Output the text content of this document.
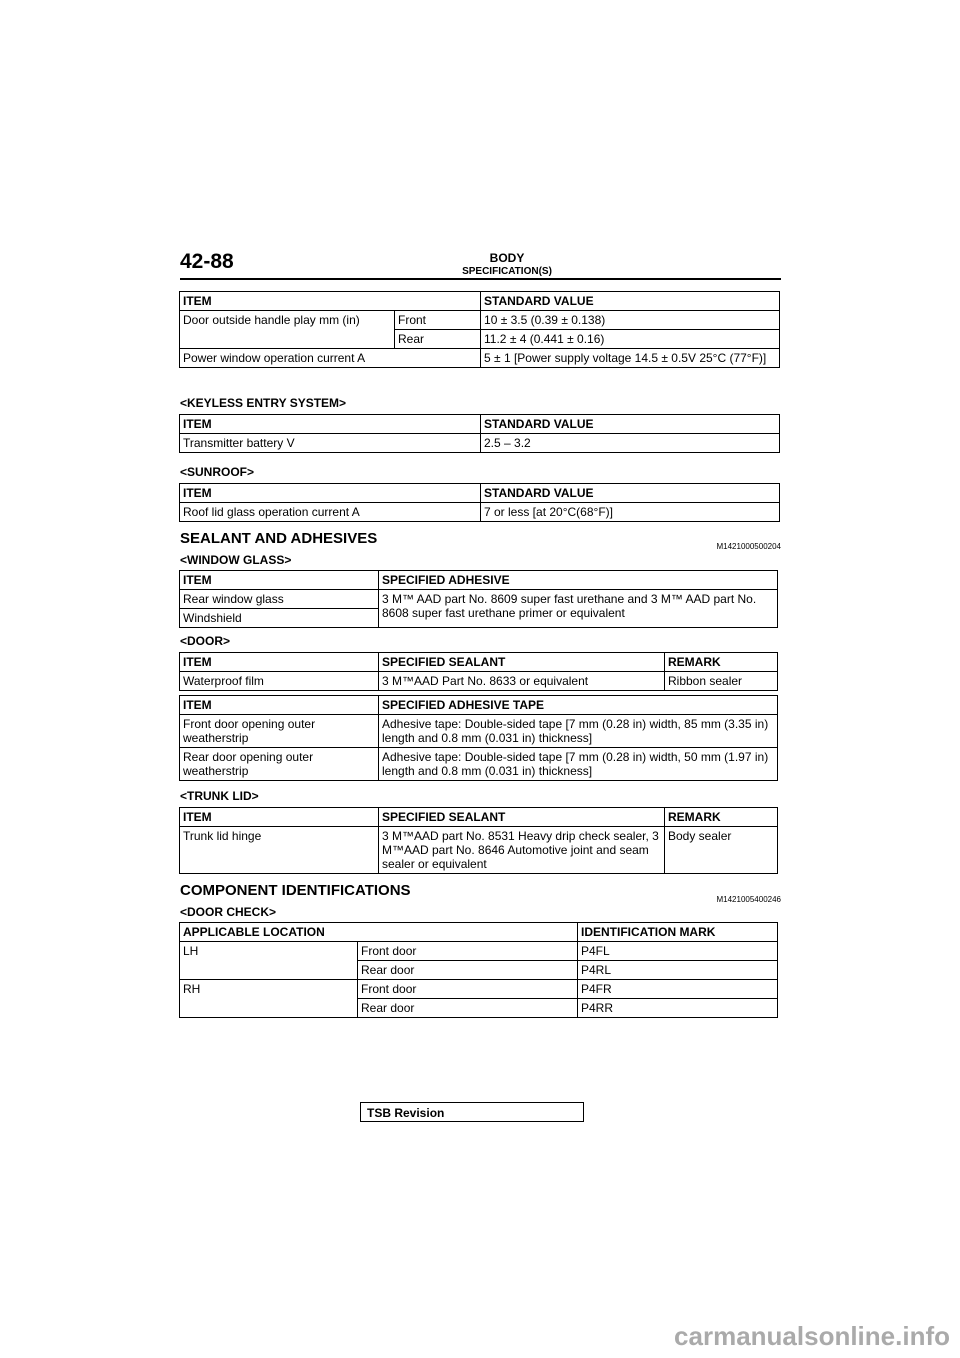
42-88	BODY
SPECIFICATION(S)
ITEM		STANDARD VALUE
Door outside handle play mm (in)	Front	10 ± 3.5 (0.39 ± 0.138)
	Rear	11.2 ± 4 (0.441 ± 0.16)
Power window operation current A		5 ± 1 [Power supply voltage 14.5 ± 0.5V 25°C (77°F)]
<KEYLESS ENTRY SYSTEM>
ITEM	STANDARD VALUE
Transmitter battery V	2.5 – 3.2
<SUNROOF>
ITEM	STANDARD VALUE
Roof lid glass operation current A	7 or less [at 20°C(68°F)]
SEALANT AND ADHESIVES	M1421000500204
<WINDOW GLASS>
ITEM	SPECIFIED ADHESIVE
Rear window glass	3 M™ AAD part No. 8609 super fast urethane and 3 M™ AAD part No. 8608 super fast urethane primer or equivalent
Windshield	
<DOOR>
ITEM	SPECIFIED SEALANT	REMARK
Waterproof film	3 M™AAD Part No. 8633 or equivalent	Ribbon sealer
ITEM	SPECIFIED ADHESIVE TAPE
Front door opening outer weatherstrip	Adhesive tape: Double-sided tape [7 mm (0.28 in) width, 85 mm (3.35 in) length and 0.8 mm (0.031 in) thickness]
Rear door opening outer weatherstrip	Adhesive tape: Double-sided tape [7 mm (0.28 in) width, 50 mm (1.97 in) length and 0.8 mm (0.031 in) thickness]
<TRUNK LID>
ITEM	SPECIFIED SEALANT	REMARK
Trunk lid hinge	3 M™AAD part No. 8531 Heavy drip check sealer, 3 M™AAD part No. 8646 Automotive joint and seam sealer or equivalent	Body sealer
COMPONENT IDENTIFICATIONS
M1421005400246
<DOOR CHECK>
APPLICABLE LOCATION		IDENTIFICATION MARK
LH	Front door	P4FL
	Rear door	P4RL
RH	Front door	P4FR
	Rear door	P4RR
TSB Revision
carmanualsonline.info
